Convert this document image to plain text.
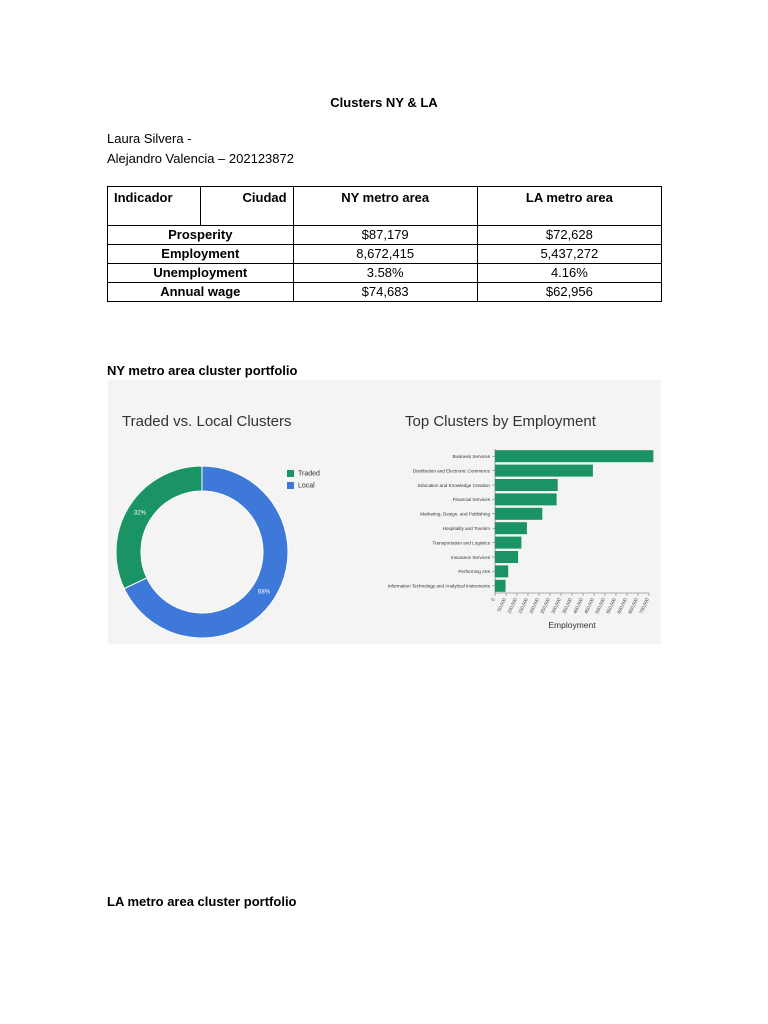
Clusters NY & LA
Laura Silvera -
Alejandro Valencia – 202123872
Indicador	Ciudad	NY metro area	LA metro area
Prosperity		$87,179	$72,628
Employment		8,672,415	5,437,272
Unemployment		3.58%	4.16%
Annual wage		$74,683	$62,956
NY metro area cluster portfolio
Traded vs. Local Clusters	Top Clusters by Employment
32%
68%
Business Services
Distribution and Electronic Commerce
Education and Knowledge Creation
Financial Services
Marketing, Design, and Publishing
Hospitality and Tourism
Transportation and Logistics
Insurance Services
Performing Arts
Information Technology and Analytical Instruments
0 50,000 100,000 150,000 200,000 250,000 300,000 350,000 400,000 450,000 500,000 550,000 600,000 650,000 700,000
Employment
Traded
Local
LA metro area cluster portfolio
